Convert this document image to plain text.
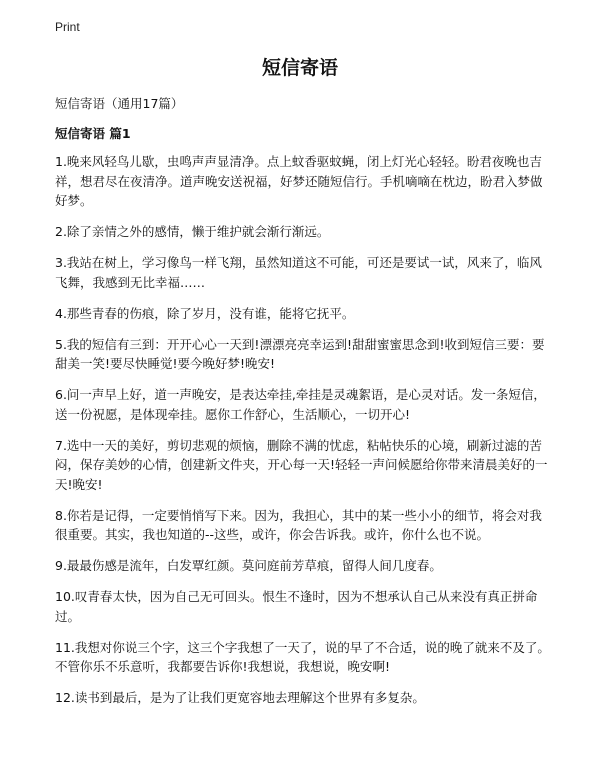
Print
短信寄语

短信寄语（通用17篇）

短信寄语 篇1
1.晚来风轻鸟儿歇，虫鸣声声显清净。点上蚊香驱蚊蝇，闭上灯光心轻轻。盼君夜晚也吉祥，想君尽在夜清净。道声晚安送祝福，好梦还随短信行。手机嘀嘀在枕边，盼君入梦做好梦。
2.除了亲情之外的感情，懒于维护就会渐行渐远。
3.我站在树上，学习像鸟一样飞翔，虽然知道这不可能，可还是要试一试，风来了，临风飞舞，我感到无比幸福……
4.那些青春的伤痕，除了岁月，没有谁，能将它抚平。
5.我的短信有三到：开开心心一天到!漂漂亮亮幸运到!甜甜蜜蜜思念到!收到短信三要：要甜美一笑!要尽快睡觉!要今晚好梦!晚安!
6.问一声早上好，道一声晚安，是表达牵挂,牵挂是灵魂絮语，是心灵对话。发一条短信，送一份祝愿，是体现牵挂。愿你工作舒心，生活顺心，一切开心!
7.选中一天的美好，剪切悲观的烦恼，删除不满的忧虑，粘帖快乐的心境，刷新过滤的苦闷，保存美妙的心情，创建新文件夹，开心每一天!轻轻一声问候愿给你带来清晨美好的一天!晚安!
8.你若是记得，一定要悄悄写下来。因为，我担心，其中的某一些小小的细节，将会对我很重要。其实，我也知道的--这些，或许，你会告诉我。或许，你什么也不说。
9.最最伤感是流年，白发覃红颜。莫问庭前芳草痕，留得人间几度春。
10.叹青春太快，因为自己无可回头。恨生不逢时，因为不想承认自己从来没有真正拼命过。
11.我想对你说三个字，这三个字我想了一天了，说的早了不合适，说的晚了就来不及了。不管你乐不乐意听，我都要告诉你!我想说，我想说，晚安啊!
12.读书到最后，是为了让我们更宽容地去理解这个世界有多复杂。
